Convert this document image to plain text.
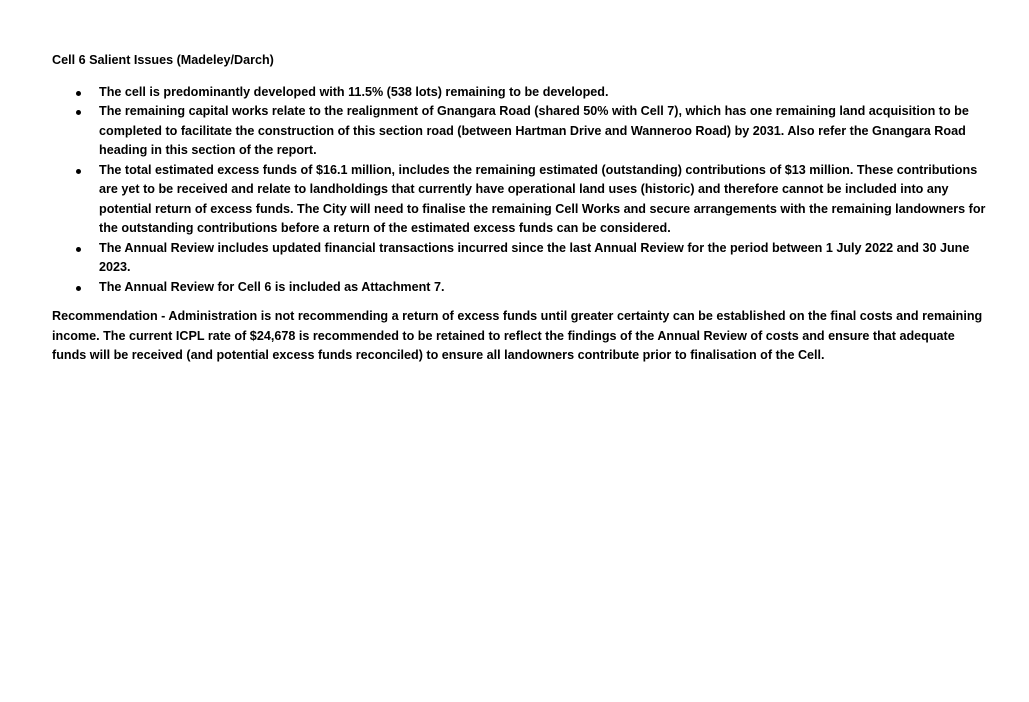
Cell 6 Salient Issues (Madeley/Darch)

The cell is predominantly developed with 11.5% (538 lots) remaining to be developed.
The remaining capital works relate to the realignment of Gnangara Road (shared 50% with Cell 7), which has one remaining land acquisition to be completed to facilitate the construction of this section road (between Hartman Drive and Wanneroo Road) by 2031. Also refer the Gnangara Road heading in this section of the report.
The total estimated excess funds of $16.1 million, includes the remaining estimated (outstanding) contributions of $13 million. These contributions are yet to be received and relate to landholdings that currently have operational land uses (historic) and therefore cannot be included into any potential return of excess funds. The City will need to finalise the remaining Cell Works and secure arrangements with the remaining landowners for the outstanding contributions before a return of the estimated excess funds can be considered.
The Annual Review includes updated financial transactions incurred since the last Annual Review for the period between 1 July 2022 and 30 June 2023.
The Annual Review for Cell 6 is included as Attachment 7.

Recommendation - Administration is not recommending a return of excess funds until greater certainty can be established on the final costs and remaining income. The current ICPL rate of $24,678 is recommended to be retained to reflect the findings of the Annual Review of costs and ensure that adequate funds will be received (and potential excess funds reconciled) to ensure all landowners contribute prior to finalisation of the Cell.
